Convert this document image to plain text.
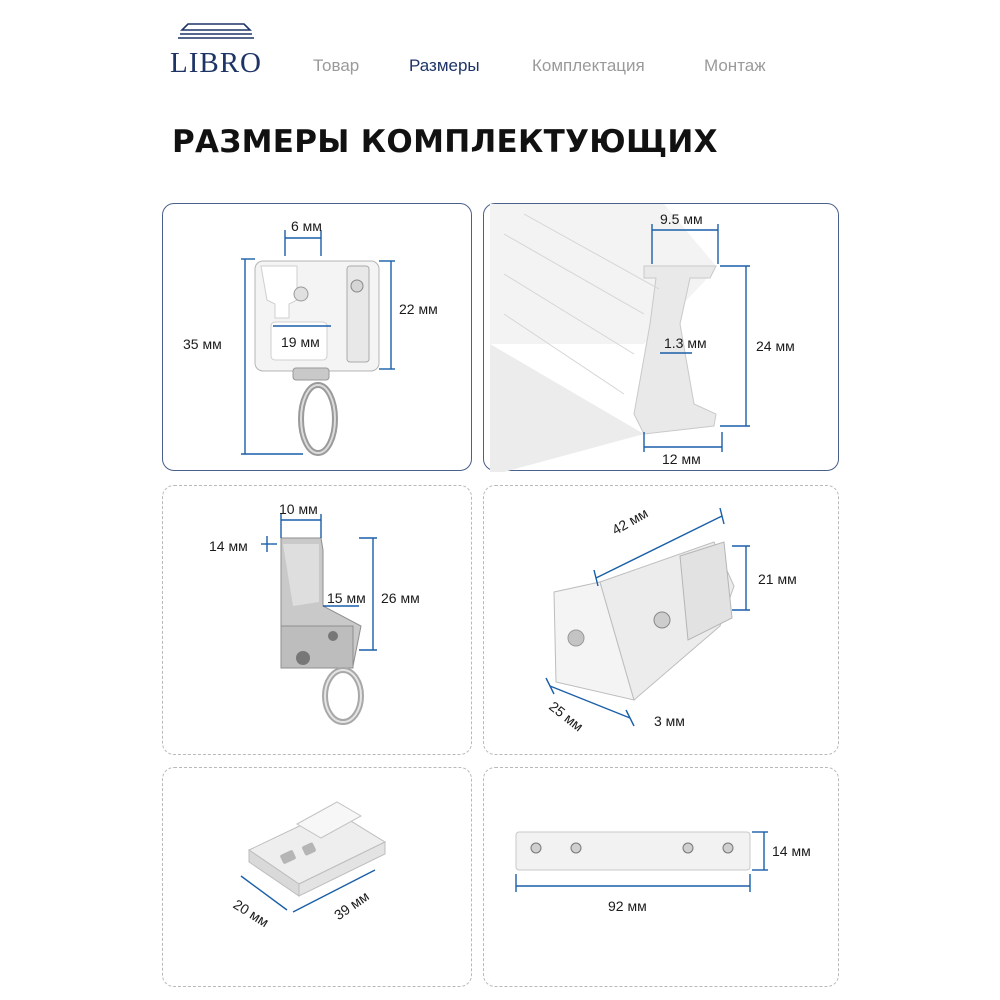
LIBRO	Товар	Размеры	Комплектация	Монтаж
РАЗМЕРЫ КОМПЛЕКТУЮЩИХ
6 мм
19 мм
22 мм
35 мм
9.5 мм
1.3 мм	24 мм
12 мм
10 мм
14 мм
15 мм 26 мм
42 мм
21 мм
25 мм	3 мм
20 мм	39 мм
14 мм
92 мм
